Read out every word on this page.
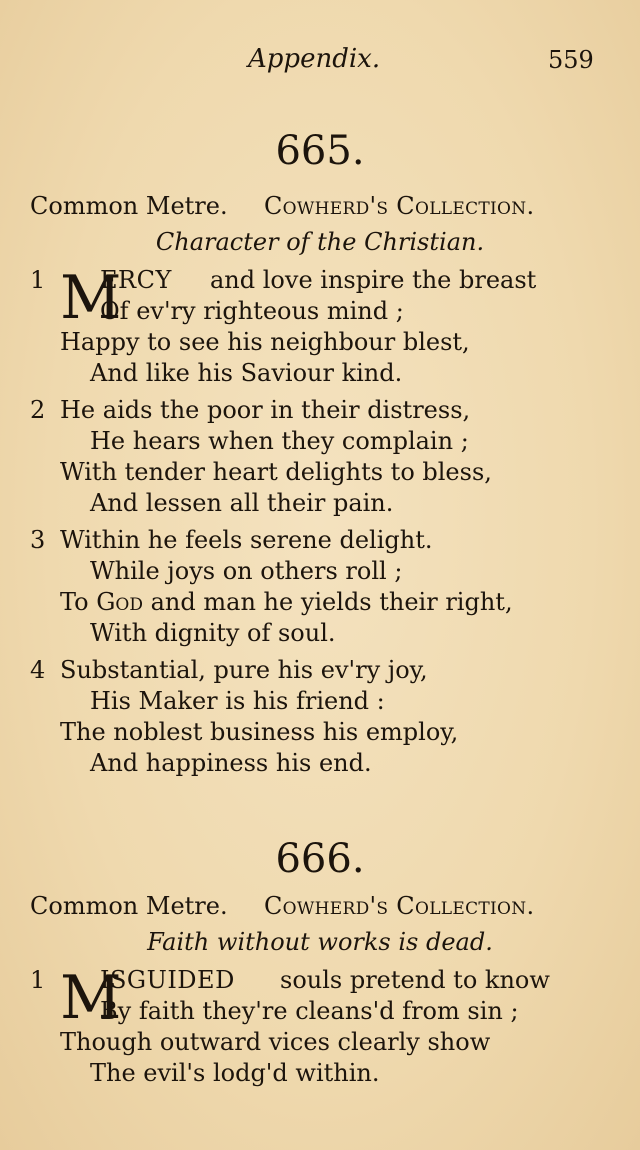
Appendix.	559
665.
Common Metre. Cowherd's Collection.
Character of the Christian.
1 M
ERCY and love inspire the breast
Of ev'ry righteous mind ;
Happy to see his neighbour blest,
And like his Saviour kind.
2 He aids the poor in their distress,
He hears when they complain ;
With tender heart delights to bless,
And lessen all their pain.
3 Within he feels serene delight.
While joys on others roll ;
To God and man he yields their right,
With dignity of soul.
4 Substantial, pure his ev'ry joy,
His Maker is his friend :
The noblest business his employ,
And happiness his end.
666.
Common Metre. Cowherd's Collection.
Faith without works is dead.
1 M
ISGUIDED souls pretend to know
By faith they're cleans'd from sin ;
Though outward vices clearly show
The evil's lodg'd within.
